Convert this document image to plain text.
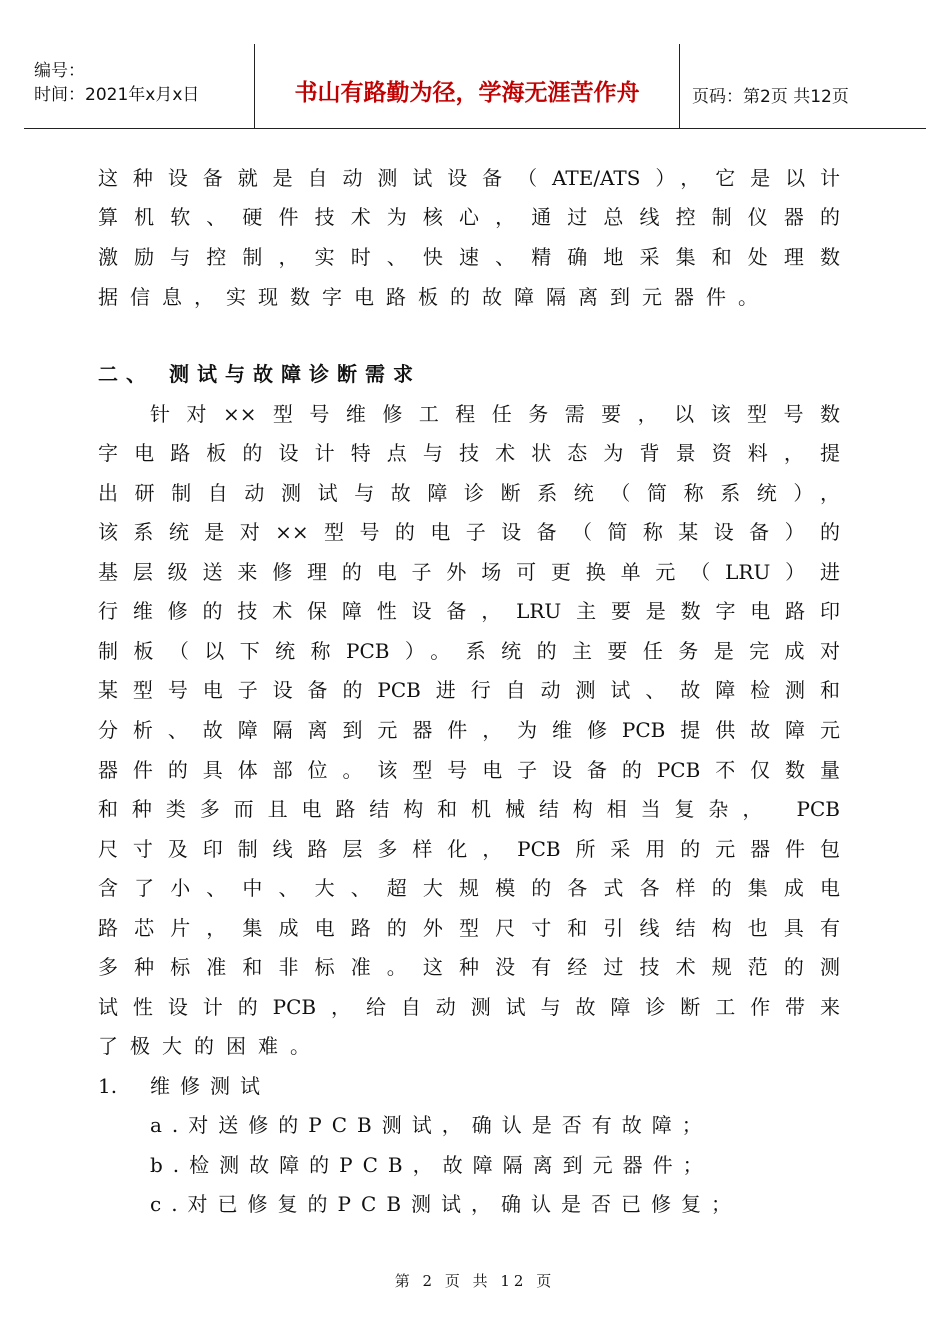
编号：
时间：2021年x月x日	书山有路勤为径，学海无涯苦作舟	页码：第2页 共12页
这种设备就是自动测试设备（ATE/ATS），它是以计
算机软、硬件技术为核心，通过总线控制仪器的
激励与控制，实时、快速、精确地采集和处理数
据信息，实现数字电路板的故障隔离到元器件。
二、 测试与故障诊断需求
针对××型号维修工程任务需要，以该型号数
字电路板的设计特点与技术状态为背景资料，提
出研制自动测试与故障诊断系统（简称系统），
该系统是对××型号的电子设备（简称某设备）的
基层级送来修理的电子外场可更换单元（LRU）进
行维修的技术保障性设备，LRU主要是数字电路印
制板（以下统称PCB）。系统的主要任务是完成对
某型号电子设备的PCB进行自动测试、故障检测和
分析、故障隔离到元器件，为维修PCB提供故障元
器件的具体部位。该型号电子设备的PCB不仅数量
和种类多而且电路结构和机械结构相当复杂， PCB
尺寸及印制线路层多样化，PCB所采用的元器件包
含了小、中、大、超大规模的各式各样的集成电
路芯片，集成电路的外型尺寸和引线结构也具有
多种标准和非标准。这种没有经过技术规范的测
试性设计的PCB，给自动测试与故障诊断工作带来
了极大的困难。
1. 维修测试
a.对送修的PCB测试，确认是否有故障；
b.检测故障的PCB，故障隔离到元器件；
c.对已修复的PCB测试，确认是否已修复；
第 2 页 共 12 页
